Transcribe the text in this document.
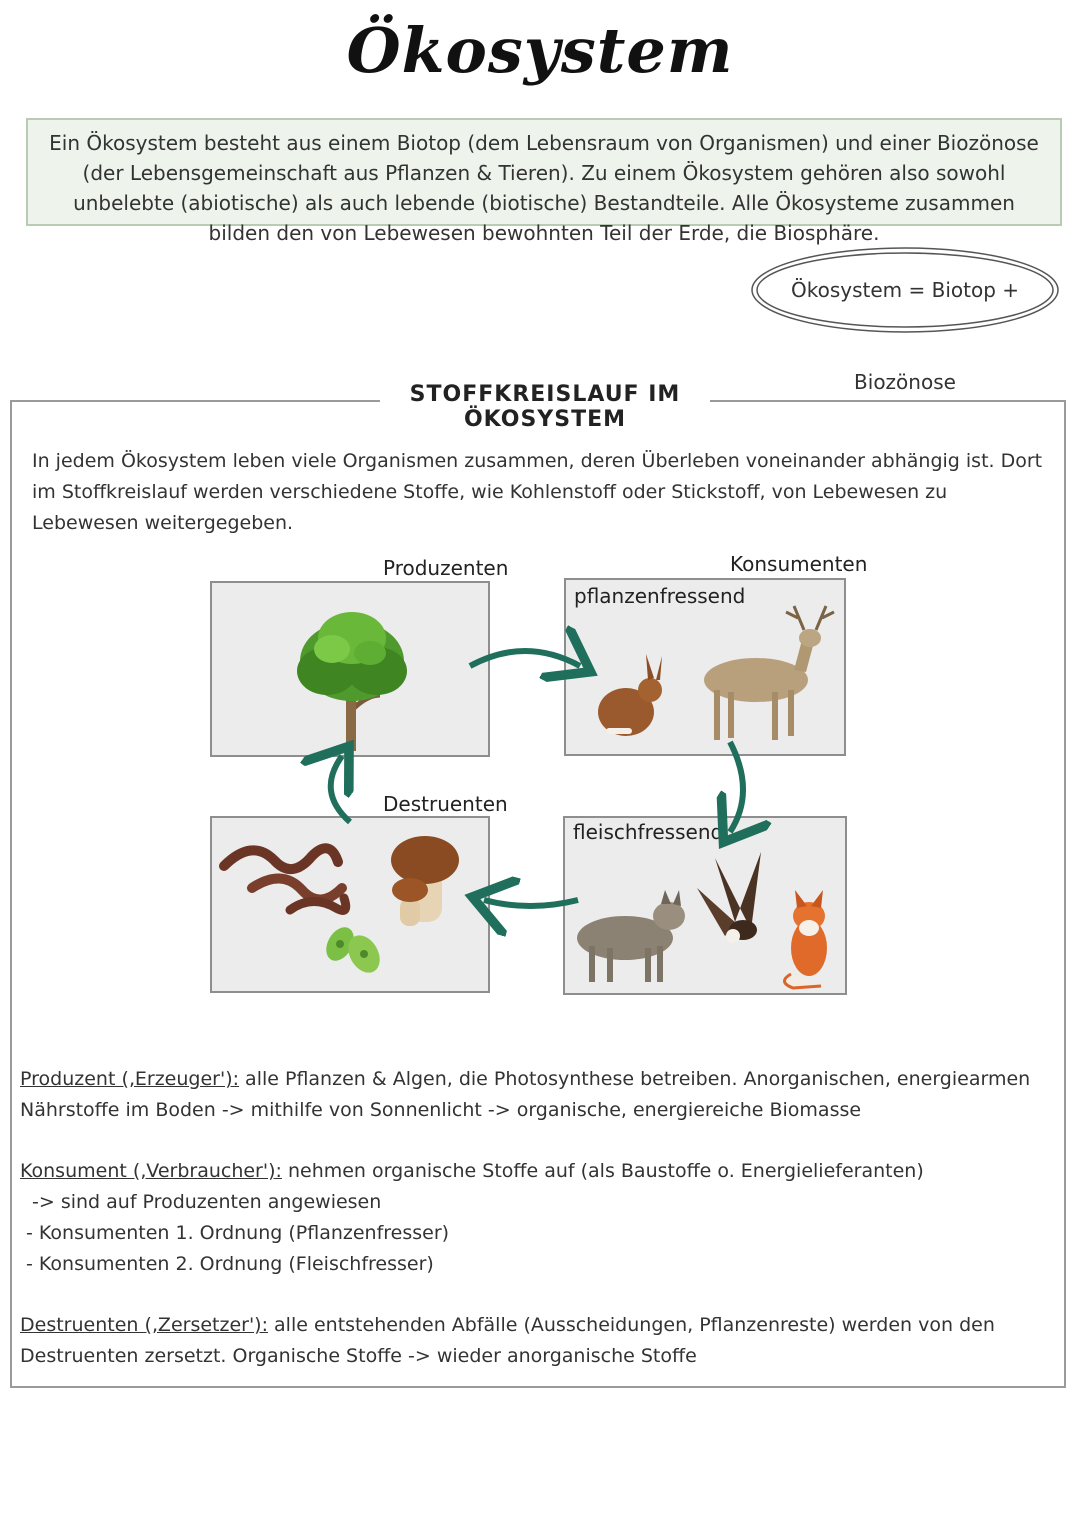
Ökosystem
Ein Ökosystem besteht aus einem Biotop (dem Lebensraum von Organismen) und einer Biozönose (der Lebensgemeinschaft aus Pflanzen & Tieren). Zu einem Ökosystem gehören also sowohl unbelebte (abiotische) als auch lebende (biotische) Bestandteile. Alle Ökosysteme zusammen bilden den von Lebewesen bewohnten Teil der Erde, die Biosphäre.
Ökosystem = Biotop + Biozönose
STOFFKREISLAUF IM ÖKOSYSTEM
In jedem Ökosystem leben viele Organismen zusammen, deren Überleben voneinander abhängig ist. Dort im Stoffkreislauf werden verschiedene Stoffe, wie Kohlenstoff oder Stickstoff, von Lebewesen zu Lebewesen weitergegeben.
Produzenten	Konsumenten
Destruenten
pflanzenfressend
fleischfressend
Produzent (‚Erzeuger'): alle Pflanzen & Algen, die Photosynthese betreiben. Anorganischen, energiearmen Nährstoffe im Boden -> mithilfe von Sonnenlicht -> organische, energiereiche Biomasse
Konsument (‚Verbraucher'): nehmen organische Stoffe auf (als Baustoffe o. Energielieferanten)
-> sind auf Produzenten angewiesen
- Konsumenten 1. Ordnung (Pflanzenfresser)
- Konsumenten 2. Ordnung (Fleischfresser)
Destruenten (‚Zersetzer'): alle entstehenden Abfälle (Ausscheidungen, Pflanzenreste) werden von den Destruenten zersetzt. Organische Stoffe -> wieder anorganische Stoffe
